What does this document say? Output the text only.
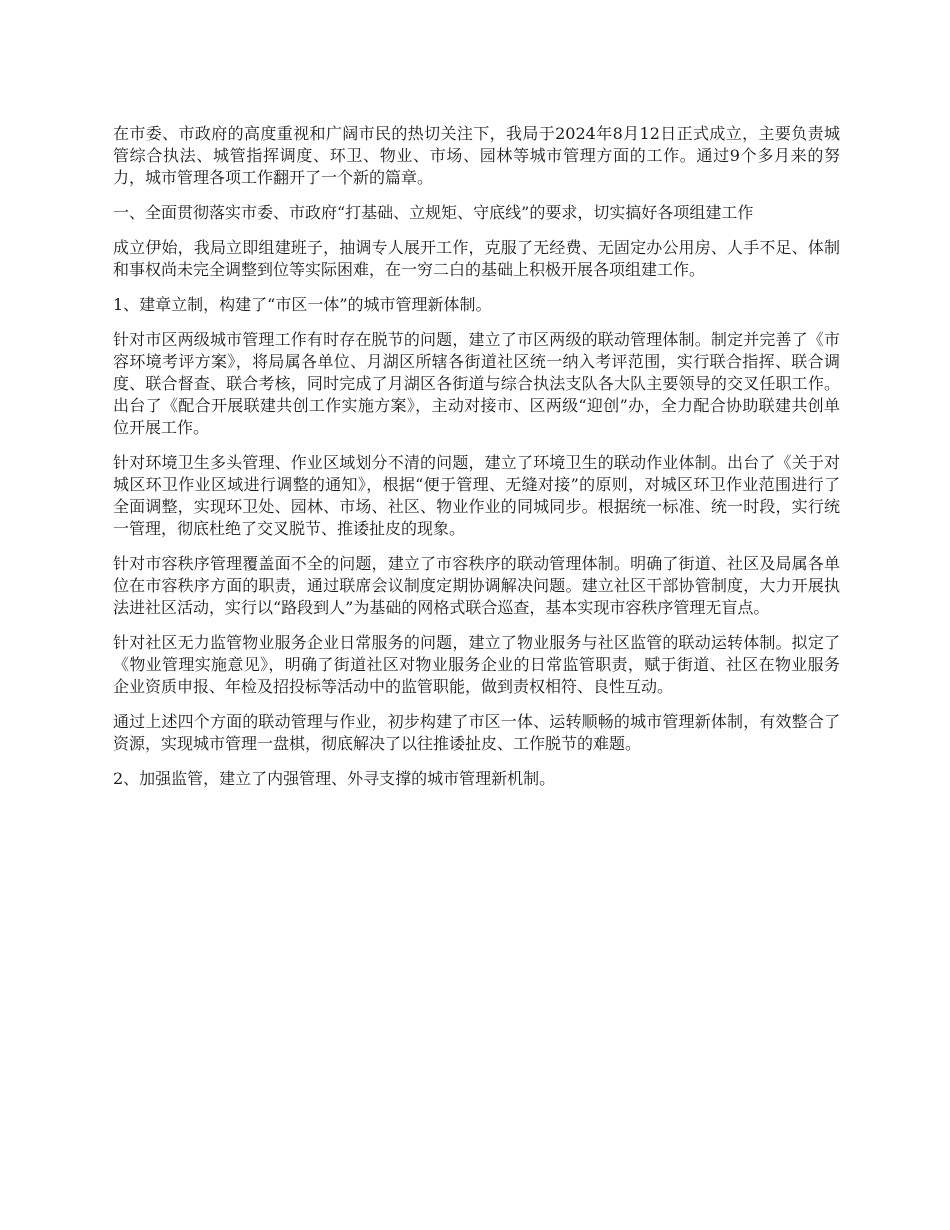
在市委、市政府的高度重视和广阔市民的热切关注下，我局于2024年8月12日正式成立，主要负责城管综合执法、城管指挥调度、环卫、物业、市场、园林等城市管理方面的工作。通过9个多月来的努力，城市管理各项工作翻开了一个新的篇章。

一、全面贯彻落实市委、市政府“打基础、立规矩、守底线”的要求，切实搞好各项组建工作

成立伊始，我局立即组建班子，抽调专人展开工作，克服了无经费、无固定办公用房、人手不足、体制和事权尚未完全调整到位等实际困难，在一穷二白的基础上积极开展各项组建工作。

1、建章立制，构建了“市区一体”的城市管理新体制。

针对市区两级城市管理工作有时存在脱节的问题，建立了市区两级的联动管理体制。制定并完善了《市容环境考评方案》，将局属各单位、月湖区所辖各街道社区统一纳入考评范围，实行联合指挥、联合调度、联合督查、联合考核，同时完成了月湖区各街道与综合执法支队各大队主要领导的交叉任职工作。出台了《配合开展联建共创工作实施方案》，主动对接市、区两级“迎创”办，全力配合协助联建共创单位开展工作。

针对环境卫生多头管理、作业区域划分不清的问题，建立了环境卫生的联动作业体制。出台了《关于对城区环卫作业区域进行调整的通知》，根据“便于管理、无缝对接”的原则，对城区环卫作业范围进行了全面调整，实现环卫处、园林、市场、社区、物业作业的同城同步。根据统一标准、统一时段，实行统一管理，彻底杜绝了交叉脱节、推诿扯皮的现象。

针对市容秩序管理覆盖面不全的问题，建立了市容秩序的联动管理体制。明确了街道、社区及局属各单位在市容秩序方面的职责，通过联席会议制度定期协调解决问题。建立社区干部协管制度，大力开展执法进社区活动，实行以“路段到人”为基础的网格式联合巡查，基本实现市容秩序管理无盲点。

针对社区无力监管物业服务企业日常服务的问题，建立了物业服务与社区监管的联动运转体制。拟定了《物业管理实施意见》，明确了街道社区对物业服务企业的日常监管职责，赋于街道、社区在物业服务企业资质申报、年检及招投标等活动中的监管职能，做到责权相符、良性互动。

通过上述四个方面的联动管理与作业，初步构建了市区一体、运转顺畅的城市管理新体制，有效整合了资源，实现城市管理一盘棋，彻底解决了以往推诿扯皮、工作脱节的难题。

2、加强监管，建立了内强管理、外寻支撑的城市管理新机制。
